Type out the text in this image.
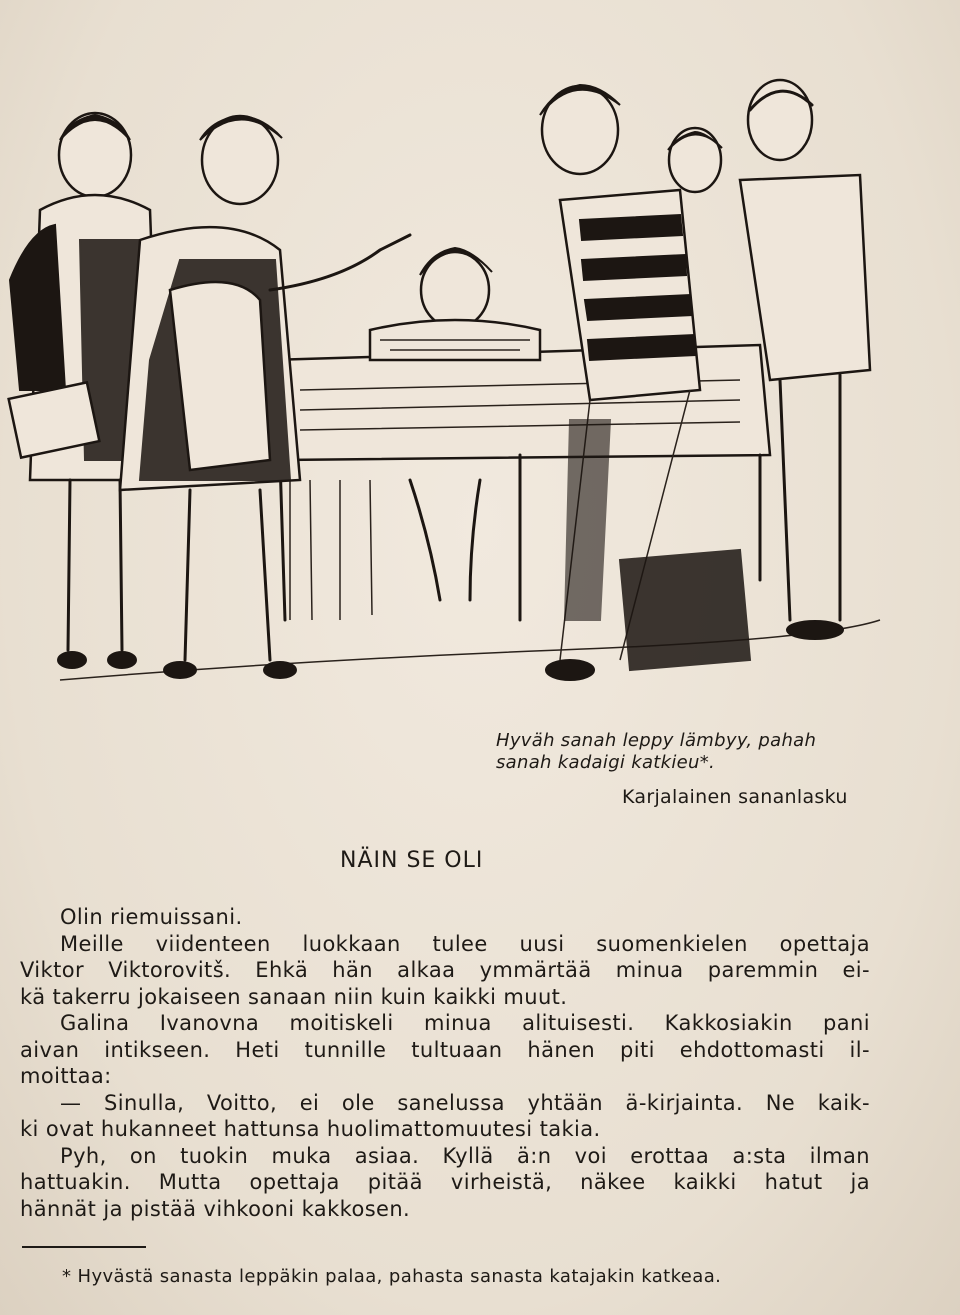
Hyväh sanah leppy lämbyy, pahah
sanah kadaigi katkieu*.
Karjalainen sananlasku
NÄIN SE OLI
Olin riemuissani.
Meille viidenteen luokkaan tulee uusi suomenkielen opettaja
Viktor Viktorovitš. Ehkä hän alkaa ymmärtää minua paremmin ei-
kä takerru jokaiseen sanaan niin kuin kaikki muut.
Galina Ivanovna moitiskeli minua alituisesti. Kakkosiakin pani
aivan intikseen. Heti tunnille tultuaan hänen piti ehdottomasti il-
moittaa:
— Sinulla, Voitto, ei ole sanelussa yhtään ä-kirjainta. Ne kaik-
ki ovat hukanneet hattunsa huolimattomuutesi takia.
Pyh, on tuokin muka asiaa. Kyllä ä:n voi erottaa a:sta ilman
hattuakin. Mutta opettaja pitää virheistä, näkee kaikki hatut ja
hännät ja pistää vihkooni kakkosen.
* Hyvästä sanasta leppäkin palaa, pahasta sanasta katajakin katkeaa.
